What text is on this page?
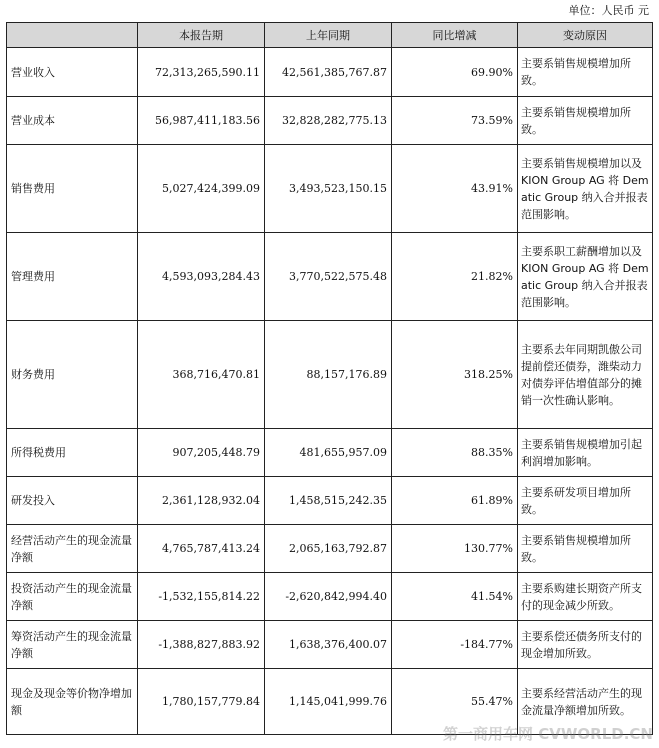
单位：人民币 元
	本报告期	上年同期	同比增减	变动原因
营业收入	72,313,265,590.11	42,561,385,767.87	69.90%	主要系销售规模增加所致。
营业成本	56,987,411,183.56	32,828,282,775.13	73.59%	主要系销售规模增加所致。
销售费用	5,027,424,399.09	3,493,523,150.15	43.91%	主要系销售规模增加以及 KION Group AG 将 Dematic Group 纳入合并报表范围影响。
管理费用	4,593,093,284.43	3,770,522,575.48	21.82%	主要系职工薪酬增加以及 KION Group AG 将 Dematic Group 纳入合并报表范围影响。
财务费用	368,716,470.81	88,157,176.89	318.25%	主要系去年同期凯傲公司提前偿还债券，潍柴动力对债券评估增值部分的摊销一次性确认影响。
所得税费用	907,205,448.79	481,655,957.09	88.35%	主要系销售规模增加引起利润增加影响。
研发投入	2,361,128,932.04	1,458,515,242.35	61.89%	主要系研发项目增加所致。
经营活动产生的现金流量净额	4,765,787,413.24	2,065,163,792.87	130.77%	主要系销售规模增加所致。
投资活动产生的现金流量净额	-1,532,155,814.22	-2,620,842,994.40	41.54%	主要系购建长期资产所支付的现金减少所致。
筹资活动产生的现金流量净额	-1,388,827,883.92	1,638,376,400.07	-184.77%	主要系偿还债务所支付的现金增加所致。
现金及现金等价物净增加额	1,780,157,779.84	1,145,041,999.76	55.47%	主要系经营活动产生的现金流量净额增加所致。
第一商用车网 CVWORLD.CN
